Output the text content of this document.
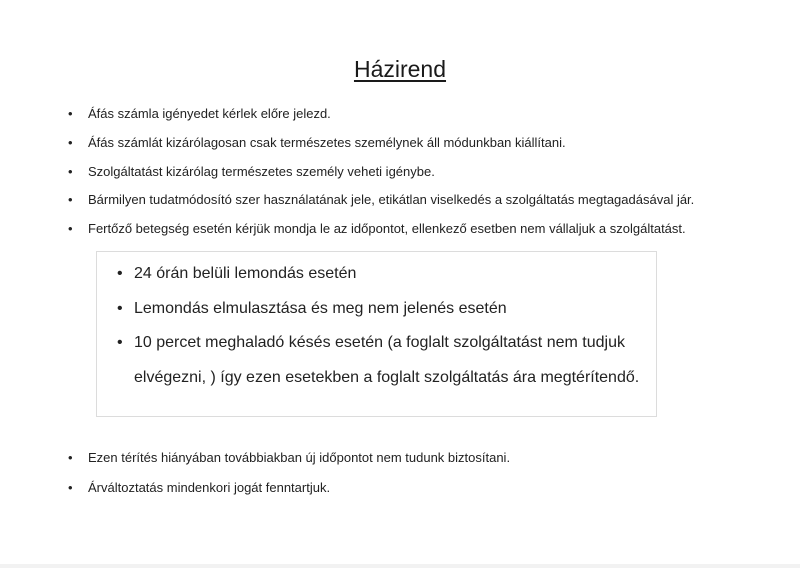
Házirend
• Áfás számla igényedet kérlek előre jelezd.
• Áfás számlát kizárólagosan csak természetes személynek áll módunkban kiállítani.
• Szolgáltatást kizárólag természetes személy veheti igénybe.
• Bármilyen tudatmódosító szer használatának jele, etikátlan viselkedés a szolgáltatás megtagadásával jár.
• Fertőző betegség esetén kérjük mondja le az időpontot, ellenkező esetben nem vállaljuk a szolgáltatást.
• 24 órán belüli lemondás esetén
• Lemondás elmulasztása és meg nem jelenés esetén
• 10 percet meghaladó késés esetén (a foglalt szolgáltatást nem tudjuk elvégezni, ) így ezen esetekben a foglalt szolgáltatás ára megtérítendő.
• Ezen térítés hiányában továbbiakban új időpontot nem tudunk biztosítani.
• Árváltoztatás mindenkori jogát fenntartjuk.
